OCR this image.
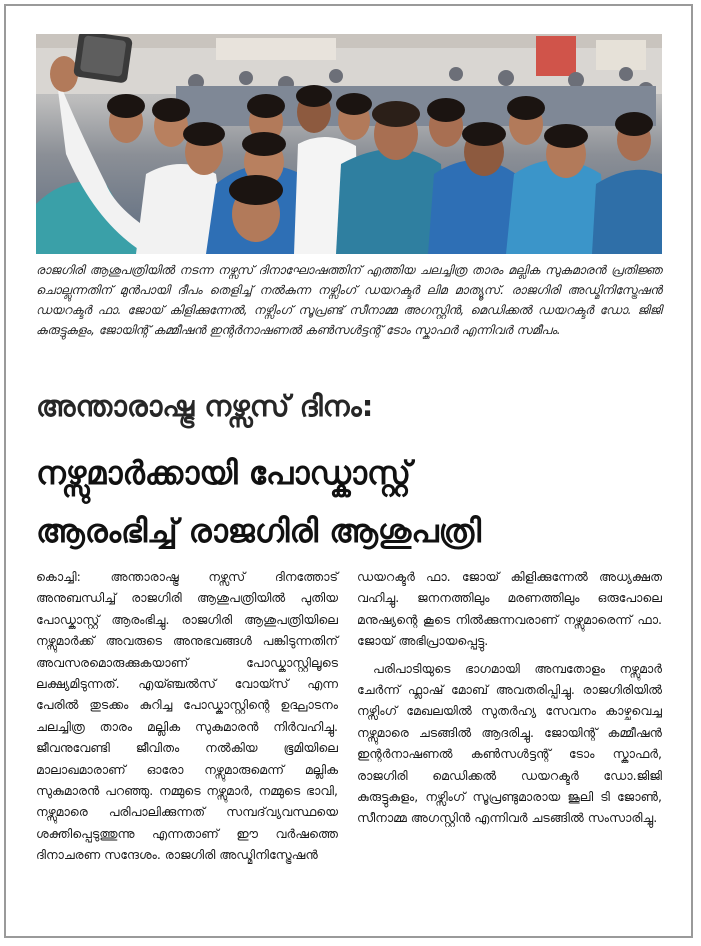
രാജഗിരി ആശുപത്രിയിൽ നടന്ന നഴ്സസ് ദിനാഘോഷത്തിന് എത്തിയ ചലച്ചിത്ര താരം മല്ലിക സുകുമാരൻ പ്രതിജ്ഞ ചൊല്ലുന്നതിന് മുൻപായി ദീപം തെളിച്ച് നൽകുന്ന നഴ്സിംഗ് ഡയറക്ടർ ലിമ മാത്യൂസ്. രാജഗിരി അഡ്മിനിസ്ട്രേഷൻ ഡയറക്ടർ ഫാ. ജോയ് കിളിക്കുന്നേൽ, നഴ്സിംഗ് സൂപ്രണ്ട് സീനാമ്മ അഗസ്റ്റിൻ, മെഡിക്കൽ ഡയറക്ടർ ഡോ. ജിജി കുരുട്ടുകുളം, ജോയിന്റ് കമ്മീഷൻ ഇന്റർനാഷണൽ കൺസൾട്ടന്റ് ടോം സ്കാഫർ എന്നിവർ സമീപം.

അന്താരാഷ്ട്ര നഴ്സസ് ദിനം:
നഴ്സുമാർക്കായി പോഡ്കാസ്റ്റ്
ആരംഭിച്ച് രാജഗിരി ആശുപത്രി

കൊച്ചി: അന്താരാഷ്ട്ര നഴ്സസ് ദിനത്തോട് അനുബന്ധിച്ച് രാജഗിരി ആശുപത്രിയിൽ പുതിയ പോഡ്കാസ്റ്റ് ആരംഭിച്ചു. രാജഗിരി ആശുപത്രിയിലെ നഴ്സുമാർക്ക് അവരുടെ അനുഭവങ്ങൾ പങ്കിടുന്നതിന് അവസരമൊരുക്കുകയാണ് പോഡ്കാസ്റ്റിലൂടെ ലക്ഷ്യമിടുന്നത്. എയ്ഞ്ചൽസ് വോയ്സ് എന്ന പേരിൽ തുടക്കം കുറിച്ച പോഡ്കാസ്റ്റിന്റെ ഉദ്ഘാടനം ചലച്ചിത്ര താരം മല്ലിക സുകുമാരൻ നിർവഹിച്ചു. ജീവനുവേണ്ടി ജീവിതം നൽകിയ ഭൂമിയിലെ മാലാഖമാരാണ് ഓരോ നഴ്സുമാരുമെന്ന് മല്ലിക സുകുമാരൻ പറഞ്ഞു. നമ്മുടെ നഴ്സുമാർ, നമ്മുടെ ഭാവി, നഴ്സുമാരെ പരിപാലിക്കുന്നത് സമ്പദ്‌വ്യവസ്ഥയെ ശക്തിപ്പെടുത്തുന്നു എന്നതാണ് ഈ വർഷത്തെ ദിനാചരണ സന്ദേശം. രാജഗിരി അഡ്മിനിസ്ട്രേഷൻ

ഡയറക്ടർ ഫാ. ജോയ് കിളിക്കുന്നേൽ അധ്യക്ഷത വഹിച്ചു. ജനനത്തിലും മരണത്തിലും ഒരുപോലെ മനുഷ്യന്റെ കൂടെ നിൽക്കുന്നവരാണ് നഴ്സുമാരെന്ന് ഫാ. ജോയ് അഭിപ്രായപ്പെട്ടു.

പരിപാടിയുടെ ഭാഗമായി അമ്പതോളം നഴ്സുമാർ ചേർന്ന് ഫ്ലാഷ് മോബ് അവതരിപ്പിച്ചു. രാജഗിരിയിൽ നഴ്സിംഗ് മേഖലയിൽ സുതർഹ്യ സേവനം കാഴ്ചവെച്ച നഴ്സുമാരെ ചടങ്ങിൽ ആദരിച്ചു. ജോയിന്റ് കമ്മീഷൻ ഇന്റർനാഷണൽ കൺസൾട്ടന്റ് ടോം സ്കാഫർ, രാജഗിരി മെഡിക്കൽ ഡയറക്ടർ ഡോ.ജിജി കുരുട്ടുകുളം, നഴ്സിംഗ് സൂപ്രണ്ടുമാരായ ജൂലി ടി ജോൺ, സീനാമ്മ അഗസ്റ്റിൻ എന്നിവർ ചടങ്ങിൽ സംസാരിച്ചു.
